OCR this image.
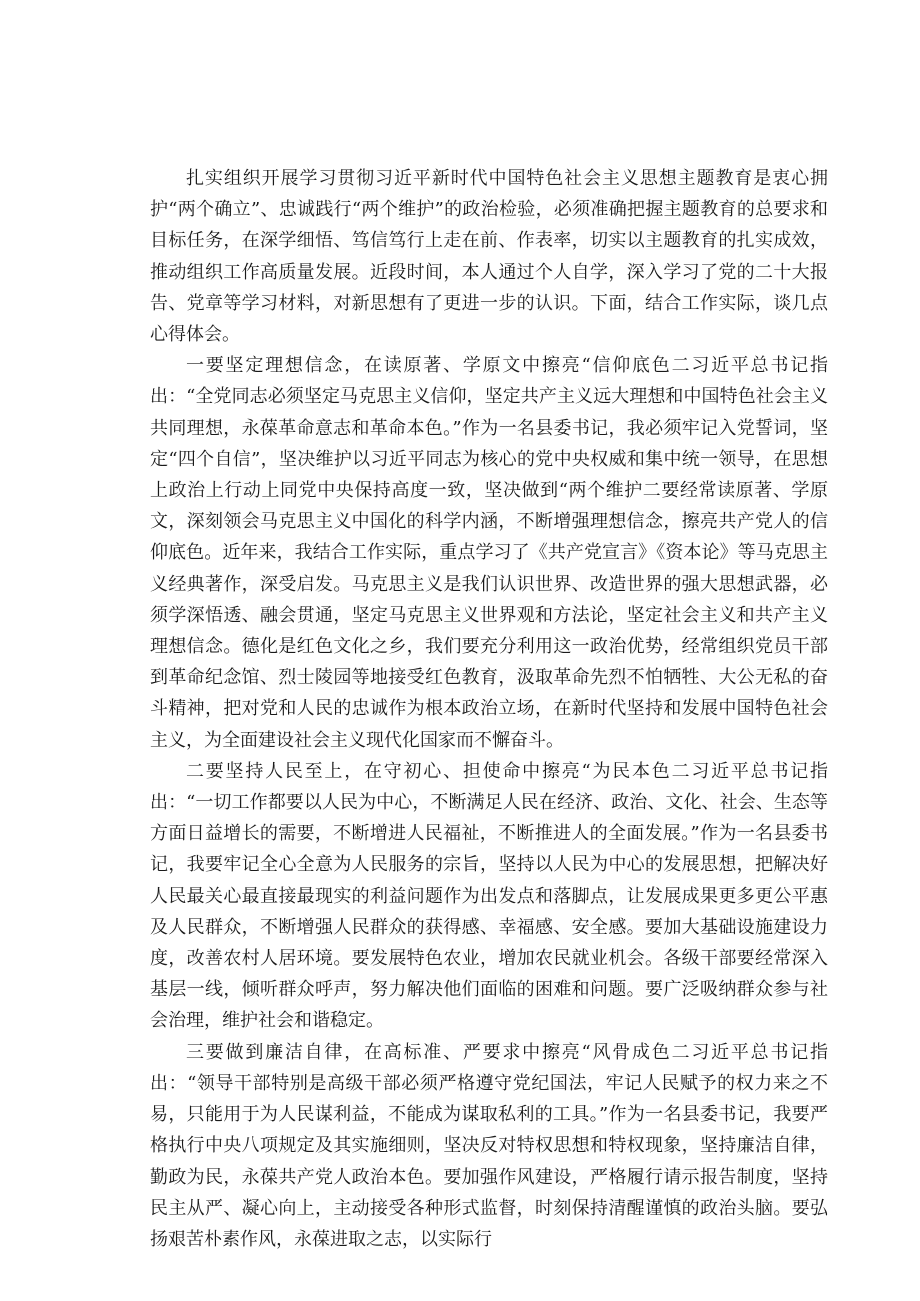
扎实组织开展学习贯彻习近平新时代中国特色社会主义思想主题教育是衷心拥护“两个确立”、忠诚践行“两个维护”的政治检验，必须准确把握主题教育的总要求和目标任务，在深学细悟、笃信笃行上走在前、作表率，切实以主题教育的扎实成效，推动组织工作高质量发展。近段时间，本人通过个人自学，深入学习了党的二十大报告、党章等学习材料，对新思想有了更进一步的认识。下面，结合工作实际，谈几点心得体会。

一要坚定理想信念，在读原著、学原文中擦亮“信仰底色二习近平总书记指出：“全党同志必须坚定马克思主义信仰，坚定共产主义远大理想和中国特色社会主义共同理想，永葆革命意志和革命本色。”作为一名县委书记，我必须牢记入党誓词，坚定“四个自信”，坚决维护以习近平同志为核心的党中央权威和集中统一领导，在思想上政治上行动上同党中央保持高度一致，坚决做到“两个维护二要经常读原著、学原文，深刻领会马克思主义中国化的科学内涵，不断增强理想信念，擦亮共产党人的信仰底色。近年来，我结合工作实际，重点学习了《共产党宣言》《资本论》等马克思主义经典著作，深受启发。马克思主义是我们认识世界、改造世界的强大思想武器，必须学深悟透、融会贯通，坚定马克思主义世界观和方法论，坚定社会主义和共产主义理想信念。德化是红色文化之乡，我们要充分利用这一政治优势，经常组织党员干部到革命纪念馆、烈士陵园等地接受红色教育，汲取革命先烈不怕牺牲、大公无私的奋斗精神，把对党和人民的忠诚作为根本政治立场，在新时代坚持和发展中国特色社会主义，为全面建设社会主义现代化国家而不懈奋斗。

二要坚持人民至上，在守初心、担使命中擦亮“为民本色二习近平总书记指出：“一切工作都要以人民为中心，不断满足人民在经济、政治、文化、社会、生态等方面日益增长的需要，不断增进人民福祉，不断推进人的全面发展。”作为一名县委书记，我要牢记全心全意为人民服务的宗旨，坚持以人民为中心的发展思想，把解决好人民最关心最直接最现实的利益问题作为出发点和落脚点，让发展成果更多更公平惠及人民群众，不断增强人民群众的获得感、幸福感、安全感。要加大基础设施建设力度，改善农村人居环境。要发展特色农业，增加农民就业机会。各级干部要经常深入基层一线，倾听群众呼声，努力解决他们面临的困难和问题。要广泛吸纳群众参与社会治理，维护社会和谐稳定。

三要做到廉洁自律，在高标准、严要求中擦亮“风骨成色二习近平总书记指出：“领导干部特别是高级干部必须严格遵守党纪国法，牢记人民赋予的权力来之不易，只能用于为人民谋利益，不能成为谋取私利的工具。”作为一名县委书记，我要严格执行中央八项规定及其实施细则，坚决反对特权思想和特权现象，坚持廉洁自律，勤政为民，永葆共产党人政治本色。要加强作风建设，严格履行请示报告制度，坚持民主从严、凝心向上，主动接受各种形式监督，时刻保持清醒谨慎的政治头脑。要弘扬艰苦朴素作风，永葆进取之志，以实际行
